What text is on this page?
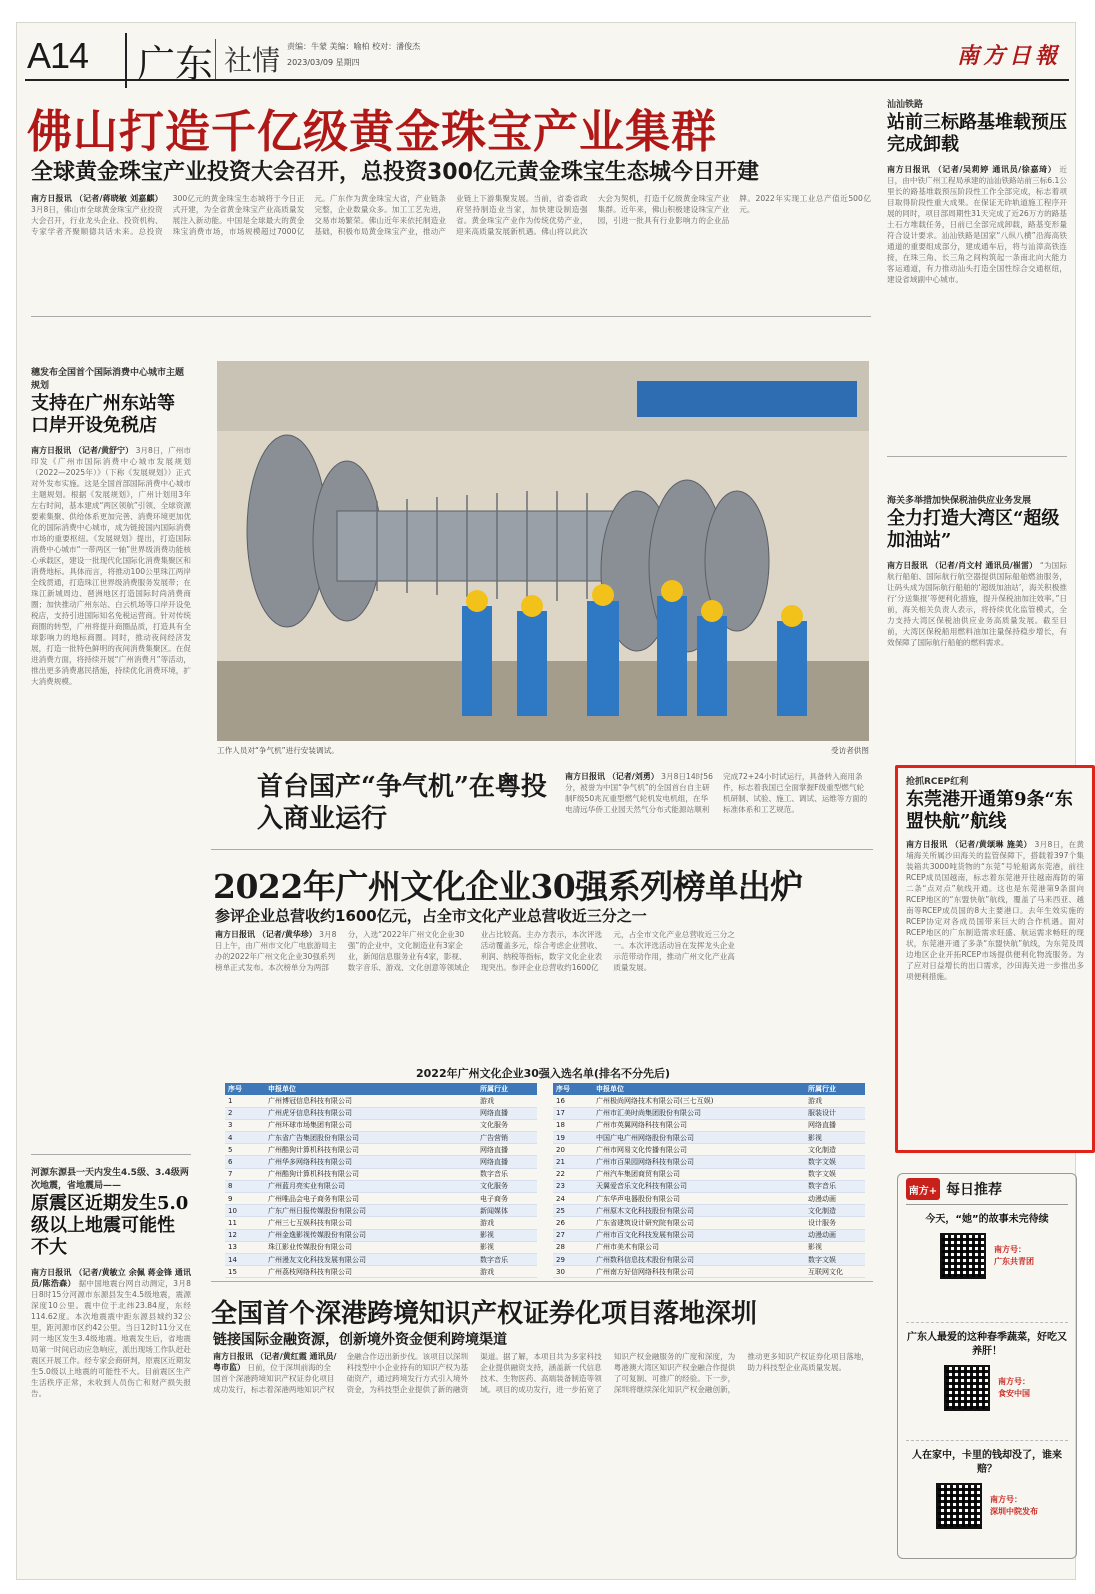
A14	广东 社情 责编：牛蒙 美编：喻柏 校对：潘俊杰
2023/03/09 星期四	南方日報
佛山打造千亿级黄金珠宝产业集群
全球黄金珠宝产业投资大会召开，总投资300亿元黄金珠宝生态城今日开建
南方日报讯 （记者/蒋晓敏 刘嘉麒） 3月8日，佛山市全球黄金珠宝产业投资大会召开，行业龙头企业、投资机构、专家学者齐聚顺德共话未来。总投资300亿元的黄金珠宝生态城将于今日正式开建，为全省黄金珠宝产业高质量发展注入新动能。中国是全球最大的黄金珠宝消费市场，市场规模超过7000亿元。广东作为黄金珠宝大省，产业链条完整，企业数量众多。加工工艺先进，交易市场繁荣。佛山近年来依托制造业基础，积极布局黄金珠宝产业，推动产业链上下游集聚发展。当前，省委省政府坚持制造业当家，加快建设制造强省。黄金珠宝产业作为传统优势产业，迎来高质量发展新机遇。佛山将以此次大会为契机，打造千亿级黄金珠宝产业集群。近年来，佛山积极建设珠宝产业园，引进一批具有行业影响力的企业品牌。2022年实现工业总产值近500亿元。
汕汕铁路
站前三标路基堆载预压完成卸载
南方日报讯 （记者/吴莉婷 通讯员/徐嘉琦） 近日，由中铁广州工程局承建的汕汕铁路站前三标6.1公里长的路基堆载预压阶段性工作全部完成，标志着项目取得阶段性重大成果。在保证无砟轨道施工程序开展的同时，项目部周期性31天完成了近26万方的路基土石方堆载任务，日前已全部完成卸载，路基变形量符合设计要求。汕汕铁路是国家“八纵八横”沿海高铁通道的重要组成部分，建成通车后，将与汕漳高铁连接，在珠三角、长三角之间构筑起一条南北向大能力客运通道，有力推动汕头打造全国性综合交通枢纽，建设省域副中心城市。
海关多举措加快保税油供应业务发展
全力打造大湾区“超级加油站”
南方日报讯 （记者/肖文村 通讯员/崔雷） “为国际航行船舶、国际航行航空器提供国际船舶燃油服务，让码头成为国际航行船舶的‘超级加油站’，海关积极推行‘分送集报’等便利化措施，提升保税油加注效率。”日前，海关相关负责人表示，将持续优化监管模式，全力支持大湾区保税油供应业务高质量发展。截至目前，大湾区保税船用燃料油加注量保持稳步增长，有效保障了国际航行船舶的燃料需求。
抢抓RCEP红利
东莞港开通第9条“东盟快航”航线
南方日报讯 （记者/黄颂琳 施美） 3月8日，在黄埔海关所属沙田海关的监管保障下，搭载着397个集装箱共3000吨货物的“东莞”号轮船离东莞港，前往RCEP成员国越南，标志着东莞港开往越南海防的第二条“点对点”航线开通。这也是东莞港第9条面向RCEP地区的“东盟快航”航线，覆盖了马来西亚、越南等RCEP成员国的8大主要港口。去年生效实施的RCEP协定对各成员国带来巨大的合作机遇。面对RCEP地区的广东制造需求旺盛、航运需求畅旺的现状，东莞港开通了多条“东盟快航”航线，为东莞及周边地区企业开拓RCEP市场提供便利化物流服务。为了应对日益增长的出口需求，沙田海关进一步推出多项便利措施。
南方+ 每日推荐
今天，“她”的故事未完待续
南方号：
广东共青团
广东人最爱的这种春季蔬菜，好吃又养肝！
南方号：
食安中国
人在家中，卡里的钱却没了，谁来赔？
南方号：
深圳中院发布
穗发布全国首个国际消费中心城市主题规划
支持在广州东站等口岸开设免税店
南方日报讯 （记者/黄舒宁） 3月8日，广州市印发《广州市国际消费中心城市发展规划（2022—2025年）》（下称《发展规划》）正式对外发布实施。这是全国首部国际消费中心城市主题规划。根据《发展规划》，广州计划用3年左右时间，基本建成“两区领航”引领、全球资源要素集聚、供给体系更加完善、消费环境更加优化的国际消费中心城市，成为链接国内国际消费市场的重要枢纽。《发展规划》提出，打造国际消费中心城市“一带两区一轴”世界级消费功能核心承载区，建设一批现代化国际化消费集聚区和消费地标。具体而言，将推动100公里珠江两岸全线贯通，打造珠江世界级消费服务发展带；在珠江新城周边、琶洲地区打造国际时尚消费商圈；加快推动广州东站、白云机场等口岸开设免税店，支持引进国际知名免税运营商。针对传统商圈的转型，广州将提升商圈品质，打造具有全球影响力的地标商圈。同时，推动夜间经济发展，打造一批特色鲜明的夜间消费集聚区。在促进消费方面，将持续开展“广州消费月”等活动，推出更多消费惠民措施，持续优化消费环境，扩大消费规模。
河源东源县一天内发生4.5级、3.4级两次地震，省地震局——
原震区近期发生5.0级以上地震可能性不大
南方日报讯 （记者/黄敏立 余佩 蒋金锋 通讯员/陈浩森） 据中国地震台网自动测定，3月8日8时15分河源市东源县发生4.5级地震，震源深度10公里。震中位于北纬23.84度，东经114.62度。本次地震震中距东源县城约32公里，距河源市区约42公里。当日12时11分又在同一地区发生3.4级地震。地震发生后，省地震局第一时间启动应急响应，派出现场工作队赶赴震区开展工作。经专家会商研判，原震区近期发生5.0级以上地震的可能性不大。目前震区生产生活秩序正常，未收到人员伤亡和财产损失报告。
工作人员对“争气机”进行安装调试。	受访者供图
首台国产“争气机”在粤投入商业运行
南方日报讯 （记者/刘勇） 3月8日14时56分，被誉为中国“争气机”的全国首台自主研制F级50兆瓦重型燃气轮机发电机组，在华电清远华侨工业园天然气分布式能源站顺利完成72+24小时试运行，具备转入商用条件，标志着我国已全面掌握F级重型燃气轮机研制、试验、施工、调试、运维等方面的标准体系和工艺规范。
2022年广州文化企业30强系列榜单出炉
参评企业总营收约1600亿元，占全市文化产业总营收近三分之一
南方日报讯 （记者/黄华珍） 3月8日上午，由广州市文化广电旅游局主办的2022年广州文化企业30强系列榜单正式发布。本次榜单分为两部分，入选“2022年广州文化企业30强”的企业中，文化制造业有3家企业，新闻信息服务业有4家，影视、数字音乐、游戏、文化创意等领域企业占比较高。主办方表示，本次评选活动覆盖多元，综合考虑企业营收、利润、纳税等指标，数字文化企业表现突出。参评企业总营收约1600亿元，占全市文化产业总营收近三分之一。本次评选活动旨在发挥龙头企业示范带动作用，推动广州文化产业高质量发展。
2022年广州文化企业30强入选名单(排名不分先后)
序号	申报单位	所属行业
1	广州博冠信息科技有限公司	游戏
2	广州虎牙信息科技有限公司	网络直播
3	广州环球市场集团有限公司	文化服务
4	广东省广告集团股份有限公司	广告营销
5	广州酷狗计算机科技有限公司	网络直播
6	广州华多网络科技有限公司	网络直播
7	广州酷狗计算机科技有限公司	数字音乐
8	广州蓝月亮实业有限公司	文化服务
9	广州唯品会电子商务有限公司	电子商务
10	广东广州日报传媒股份有限公司	新闻媒体
11	广州三七互娱科技有限公司	游戏
12	广州金逸影视传媒股份有限公司	影视
13	珠江影业传媒股份有限公司	影视
14	广州漫友文化科技发展有限公司	数字音乐
15	广州荔枝网络科技有限公司	游戏
序号	申报单位	所属行业
16	广州极尚网络技术有限公司(三七互娱)	游戏
17	广州市汇美时尚集团股份有限公司	服装设计
18	广州市英翼网络科技有限公司	网络直播
19	中国广电广州网络股份有限公司	影视
20	广州市网易文化传播有限公司	文化制造
21	广州市百果园网络科技有限公司	数字文娱
22	广州汽车集团商贸有限公司	数字文娱
23	天翼爱音乐文化科技有限公司	数字音乐
24	广东华声电器股份有限公司	动漫动画
25	广州原木文化科技股份有限公司	文化制造
26	广东省建筑设计研究院有限公司	设计服务
27	广州市百文化科技发展有限公司	动漫动画
28	广州市美术有限公司	影视
29	广州数科信息技术股份有限公司	数字文娱
30	广州南方好信网络科技有限公司	互联网文化
全国首个深港跨境知识产权证券化项目落地深圳
链接国际金融资源，创新境外资金便利跨境渠道
南方日报讯 （记者/黄红霞 通讯员/粤市监） 日前，位于深圳前海的全国首个深港跨境知识产权证券化项目成功发行，标志着深港两地知识产权金融合作迈出新步伐。该项目以深圳科技型中小企业持有的知识产权为基础资产，通过跨境发行方式引入境外资金，为科技型企业提供了新的融资渠道。据了解，本项目共为多家科技企业提供融资支持，涵盖新一代信息技术、生物医药、高端装备制造等领域。项目的成功发行，进一步拓宽了知识产权金融服务的广度和深度，为粤港澳大湾区知识产权金融合作提供了可复制、可推广的经验。下一步，深圳将继续深化知识产权金融创新，推动更多知识产权证券化项目落地，助力科技型企业高质量发展。
